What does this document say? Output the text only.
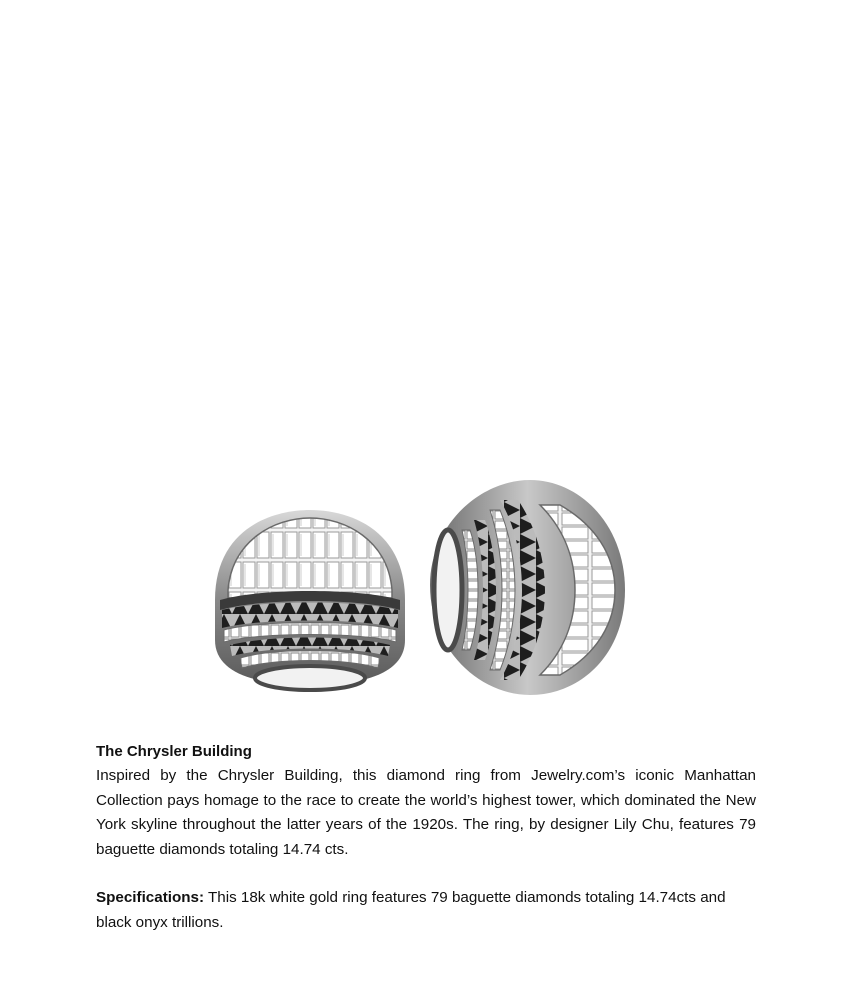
The Chrysler Building

Inspired by the Chrysler Building, this diamond ring from Jewelry.com’s iconic Manhattan Collection pays homage to the race to create the world’s highest tower, which dominated the New York skyline throughout the latter years of the 1920s. The ring, by designer Lily Chu, features 79 baguette diamonds totaling 14.74 cts.

Specifications: This 18k white gold ring features 79 baguette diamonds totaling 14.74cts and black onyx trillions.
